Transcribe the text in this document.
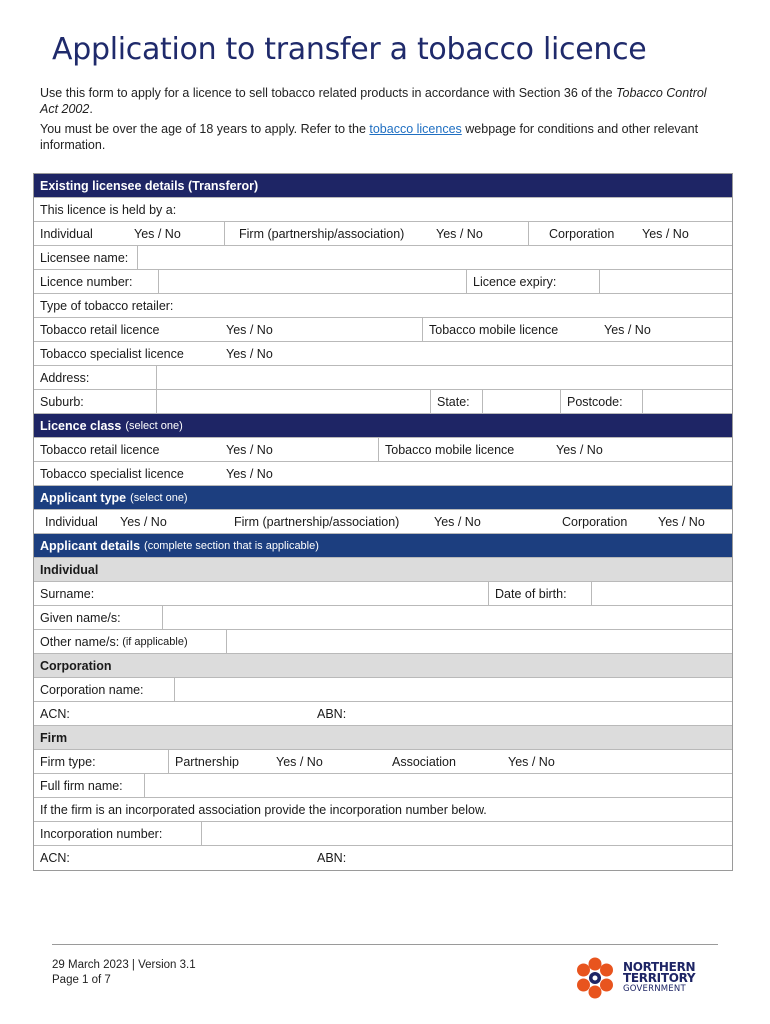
Application to transfer a tobacco licence

Use this form to apply for a licence to sell tobacco related products in accordance with Section 36 of the Tobacco Control Act 2002.

You must be over the age of 18 years to apply. Refer to the tobacco licences webpage for conditions and other relevant information.

Existing licensee details (Transferor)
This licence is held by a:
Individual	Yes / No	Firm (partnership/association)	Yes / No	Corporation	Yes / No
Licensee name:
Licence number:	Licence expiry:
Type of tobacco retailer:
Tobacco retail licence	Yes / No	Tobacco mobile licence	Yes / No
Tobacco specialist licence	Yes / No
Address:
Suburb:	State:	Postcode:
Licence class (select one)
Tobacco retail licence	Yes / No	Tobacco mobile licence	Yes / No
Tobacco specialist licence	Yes / No
Applicant type (select one)
Individual	Yes / No	Firm (partnership/association)	Yes / No	Corporation	Yes / No
Applicant details (complete section that is applicable)
Individual
Surname:	Date of birth:
Given name/s:
Other name/s: (if applicable)
Corporation
Corporation name:
ACN:	ABN:
Firm
Firm type:	Partnership	Yes / No	Association	Yes / No
Full firm name:
If the firm is an incorporated association provide the incorporation number below.
Incorporation number:
ACN:	ABN:
29 March 2023 | Version 3.1
Page 1 of 7
NORTHERN
TERRITORY
GOVERNMENT
